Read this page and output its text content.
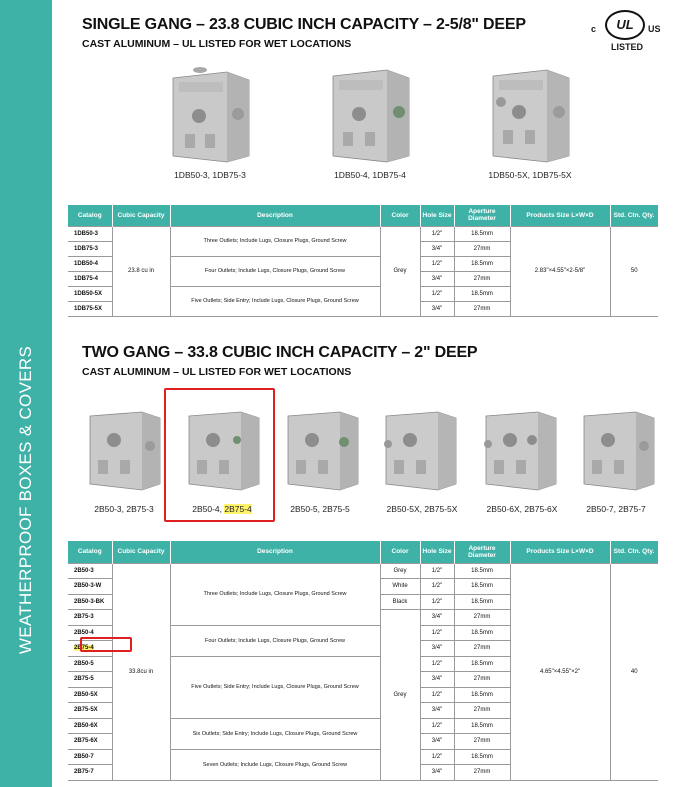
WEATHERPROOF BOXES & COVERS
c	UL	US
LISTED
SINGLE GANG – 23.8 CUBIC INCH CAPACITY – 2-5/8" DEEP
CAST ALUMINUM – UL LISTED FOR WET LOCATIONS
1DB50-3, 1DB75-3	1DB50-4, 1DB75-4	1DB50-5X, 1DB75-5X
Catalog	Cubic Capacity	Description	Color	Hole Size	Aperture Diameter	Products Size L×W×D	Std. Ctn. Qty.
1DB50-3	23.8 cu in	Three Outlets; Include Lugs, Closure Plugs, Ground Screw	Grey	1/2"	18.5mm	2.83"×4.55"×2-5/8"	50
1DB75-3				3/4"	27mm		
1DB50-4		Four Outlets; Include Lugs, Closure Plugs, Ground Screw		1/2"	18.5mm		
1DB75-4				3/4"	27mm		
1DB50-5X		Five Outlets; Side Entry; Include Lugs, Closure Plugs, Ground Screw		1/2"	18.5mm		
1DB75-5X				3/4"	27mm		
TWO GANG – 33.8 CUBIC INCH CAPACITY – 2" DEEP
CAST ALUMINUM – UL LISTED FOR WET LOCATIONS
2B50-3, 2B75-3	2B50-4, 2B75-4	2B50-5, 2B75-5	2B50-5X, 2B75-5X	2B50-6X, 2B75-6X	2B50-7, 2B75-7
Catalog	Cubic Capacity	Description	Color	Hole Size	Aperture Diameter	Products Size L×W×D	Std. Ctn. Qty.
2B50-3	33.8cu in	Three Outlets; Include Lugs, Closure Plugs, Ground Screw	Grey	1/2"	18.5mm	4.65"×4.55"×2"	40
2B50-3-W			White	1/2"	18.5mm		
2B50-3-BK			Black	1/2"	18.5mm		
2B75-3			Grey	3/4"	27mm		
2B50-4		Four Outlets; Include Lugs, Closure Plugs, Ground Screw		1/2"	18.5mm		
2B75-4				3/4"	27mm		
2B50-5		Five Outlets; Side Entry; Include Lugs, Closure Plugs, Ground Screw		1/2"	18.5mm		
2B75-5				3/4"	27mm		
2B50-5X				1/2"	18.5mm		
2B75-5X				3/4"	27mm		
2B50-6X		Six Outlets; Side Entry; Include Lugs, Closure Plugs, Ground Screw		1/2"	18.5mm		
2B75-6X				3/4"	27mm		
2B50-7		Seven Outlets; Include Lugs, Closure Plugs, Ground Screw		1/2"	18.5mm		
2B75-7				3/4"	27mm		
